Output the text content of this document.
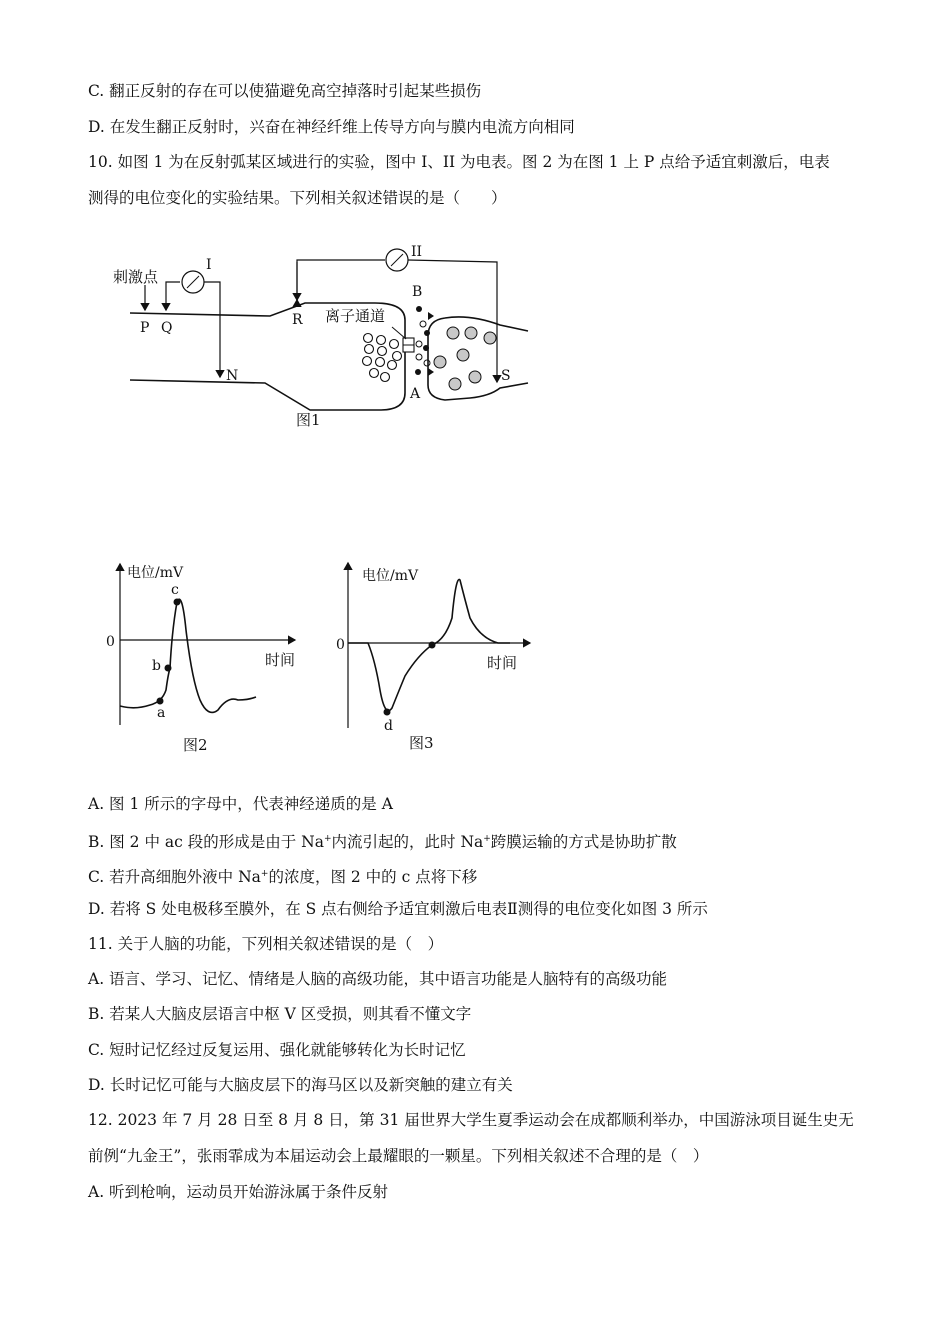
C. 翻正反射的存在可以使猫避免高空掉落时引起某些损伤
D. 在发生翻正反射时，兴奋在神经纤维上传导方向与膜内电流方向相同
10. 如图 1 为在反射弧某区域进行的实验，图中 I、II 为电表。图 2 为在图 1 上 P 点给予适宜刺激后，电表
测得的电位变化的实验结果。下列相关叙述错误的是（　　）
刺激点
P Q
I
N
II
R
S
离子通道
B
A
图1
电位/mV
时间
0
a
b
c
图2
电位/mV
时间
0
d
图3
A. 图 1 所示的字母中，代表神经递质的是 A
B. 图 2 中 ac 段的形成是由于 Na+内流引起的，此时 Na+跨膜运输的方式是协助扩散
C. 若升高细胞外液中 Na+的浓度，图 2 中的 c 点将下移
D. 若将 S 处电极移至膜外，在 S 点右侧给予适宜刺激后电表Ⅱ测得的电位变化如图 3 所示
11. 关于人脑的功能，下列相关叙述错误的是（　）
A. 语言、学习、记忆、情绪是人脑的高级功能，其中语言功能是人脑特有的高级功能
B. 若某人大脑皮层语言中枢 V 区受损，则其看不懂文字
C. 短时记忆经过反复运用、强化就能够转化为长时记忆
D. 长时记忆可能与大脑皮层下的海马区以及新突触的建立有关
12. 2023 年 7 月 28 日至 8 月 8 日，第 31 届世界大学生夏季运动会在成都顺利举办，中国游泳项目诞生史无
前例“九金王”，张雨霏成为本届运动会上最耀眼的一颗星。下列相关叙述不合理的是（　）
A. 听到枪响，运动员开始游泳属于条件反射
